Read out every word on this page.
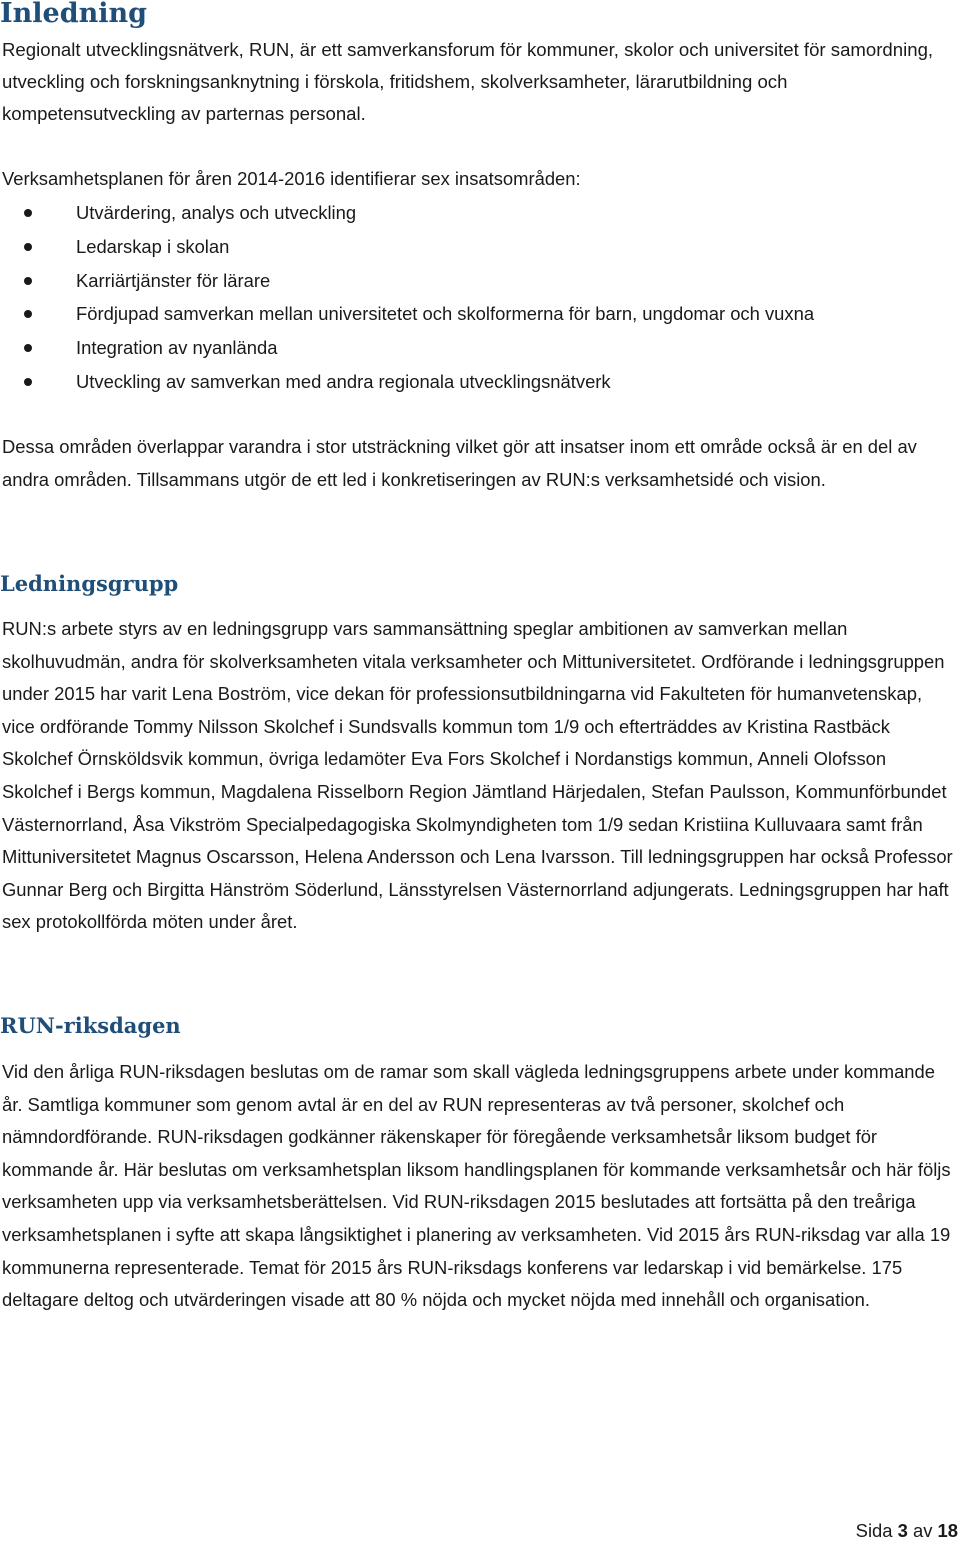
Inledning

Regionalt utvecklingsnätverk, RUN, är ett samverkansforum för kommuner, skolor och universitet för samordning, utveckling och forskningsanknytning i förskola, fritidshem, skolverksamheter, lärarutbildning och kompetensutveckling av parternas personal.

Verksamhetsplanen för åren 2014-2016 identifierar sex insatsområden:

Utvärdering, analys och utveckling
Ledarskap i skolan
Karriärtjänster för lärare
Fördjupad samverkan mellan universitetet och skolformerna för barn, ungdomar och vuxna
Integration av nyanlända
Utveckling av samverkan med andra regionala utvecklingsnätverk

Dessa områden överlappar varandra i stor utsträckning vilket gör att insatser inom ett område också är en del av andra områden. Tillsammans utgör de ett led i konkretiseringen av RUN:s verksamhetsidé och vision.

Ledningsgrupp

RUN:s arbete styrs av en ledningsgrupp vars sammansättning speglar ambitionen av samverkan mellan skolhuvudmän, andra för skolverksamheten vitala verksamheter och Mittuniversitetet. Ordförande i ledningsgruppen under 2015 har varit Lena Boström, vice dekan för professionsutbildningarna vid Fakulteten för humanvetenskap, vice ordförande Tommy Nilsson Skolchef i Sundsvalls kommun tom 1/9 och efterträddes av Kristina Rastbäck Skolchef Örnsköldsvik kommun, övriga ledamöter Eva Fors Skolchef i Nordanstigs kommun, Anneli Olofsson Skolchef i Bergs kommun, Magdalena Risselborn Region Jämtland Härjedalen, Stefan Paulsson, Kommunförbundet Västernorrland, Åsa Vikström Specialpedagogiska Skolmyndigheten tom 1/9 sedan Kristiina Kulluvaara samt från Mittuniversitetet Magnus Oscarsson, Helena Andersson och Lena Ivarsson. Till ledningsgruppen har också Professor Gunnar Berg och Birgitta Hänström Söderlund, Länsstyrelsen Västernorrland adjungerats. Ledningsgruppen har haft sex protokollförda möten under året.

RUN-riksdagen

Vid den årliga RUN-riksdagen beslutas om de ramar som skall vägleda ledningsgruppens arbete under kommande år. Samtliga kommuner som genom avtal är en del av RUN representeras av två personer, skolchef och nämndordförande. RUN-riksdagen godkänner räkenskaper för föregående verksamhetsår liksom budget för kommande år. Här beslutas om verksamhetsplan liksom handlingsplanen för kommande verksamhetsår och här följs verksamheten upp via verksamhetsberättelsen. Vid RUN-riksdagen 2015 beslutades att fortsätta på den treåriga verksamhetsplanen i syfte att skapa långsiktighet i planering av verksamheten. Vid 2015 års RUN-riksdag var alla 19 kommunerna representerade. Temat för 2015 års RUN-riksdags konferens var ledarskap i vid bemärkelse. 175 deltagare deltog och utvärderingen visade att 80 % nöjda och mycket nöjda med innehåll och organisation.

Sida 3 av 18
